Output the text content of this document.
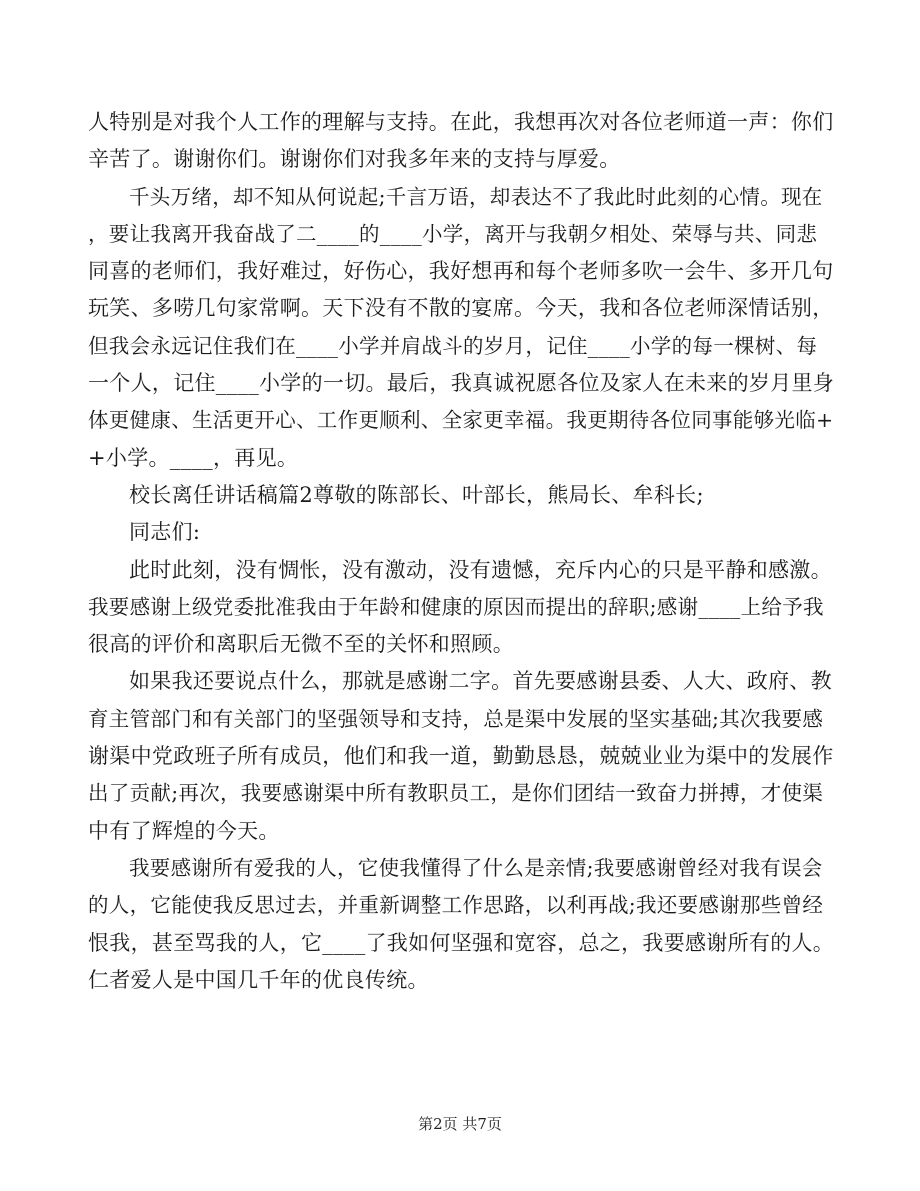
人特别是对我个人工作的理解与支持。在此，我想再次对各位老师道一声：你们
辛苦了。谢谢你们。谢谢你们对我多年来的支持与厚爱。
千头万绪，却不知从何说起;千言万语，却表达不了我此时此刻的心情。现在
，要让我离开我奋战了二____的____小学，离开与我朝夕相处、荣辱与共、同悲
同喜的老师们，我好难过，好伤心，我好想再和每个老师多吹一会牛、多开几句
玩笑、多唠几句家常啊。天下没有不散的宴席。今天，我和各位老师深情话别，
但我会永远记住我们在____小学并肩战斗的岁月，记住____小学的每一棵树、每
一个人，记住____小学的一切。最后，我真诚祝愿各位及家人在未来的岁月里身
体更健康、生活更开心、工作更顺利、全家更幸福。我更期待各位同事能够光临+
+小学。____，再见。
校长离任讲话稿篇2尊敬的陈部长、叶部长，熊局长、牟科长;
同志们:
此时此刻，没有惆怅，没有激动，没有遗憾，充斥内心的只是平静和感激。
我要感谢上级党委批准我由于年龄和健康的原因而提出的辞职;感谢____上给予我
很高的评价和离职后无微不至的关怀和照顾。
如果我还要说点什么，那就是感谢二字。首先要感谢县委、人大、政府、教
育主管部门和有关部门的坚强领导和支持，总是渠中发展的坚实基础;其次我要感
谢渠中党政班子所有成员，他们和我一道，勤勤恳恳，兢兢业业为渠中的发展作
出了贡献;再次，我要感谢渠中所有教职员工，是你们团结一致奋力拼搏，才使渠
中有了辉煌的今天。
我要感谢所有爱我的人，它使我懂得了什么是亲情;我要感谢曾经对我有误会
的人，它能使我反思过去，并重新调整工作思路，以利再战;我还要感谢那些曾经
恨我，甚至骂我的人，它____了我如何坚强和宽容，总之，我要感谢所有的人。
仁者爱人是中国几千年的优良传统。
第2页 共7页
